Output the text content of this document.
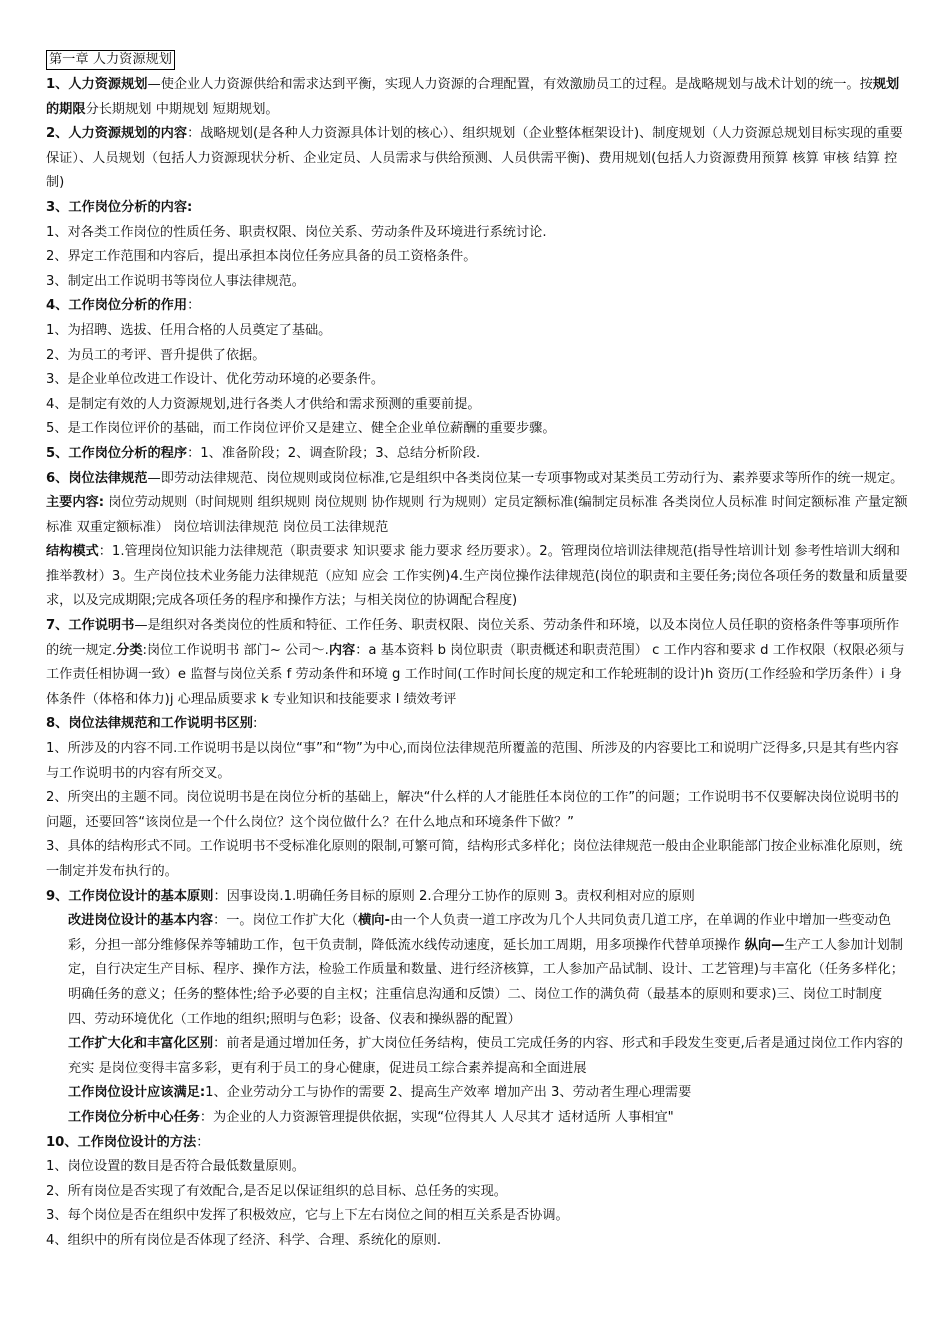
第一章 人力资源规划

1、人力资源规划—使企业人力资源供给和需求达到平衡，实现人力资源的合理配置，有效激励员工的过程。是战略规划与战术计划的统一。按规划的期限分长期规划 中期规划 短期规划。

2、人力资源规划的内容：战略规划(是各种人力资源具体计划的核心）、组织规划（企业整体框架设计)、制度规划（人力资源总规划目标实现的重要保证）、人员规划（包括人力资源现状分析、企业定员、人员需求与供给预测、人员供需平衡)、费用规划(包括人力资源费用预算 核算 审核 结算 控制)

3、工作岗位分析的内容:

1、对各类工作岗位的性质任务、职责权限、岗位关系、劳动条件及环境进行系统讨论.

2、界定工作范围和内容后，提出承担本岗位任务应具备的员工资格条件。

3、制定出工作说明书等岗位人事法律规范。

4、工作岗位分析的作用：

1、为招聘、选拔、任用合格的人员奠定了基础。

2、为员工的考评、晋升提供了依据。

3、是企业单位改进工作设计、优化劳动环境的必要条件。

4、是制定有效的人力资源规划,进行各类人才供给和需求预测的重要前提。

5、是工作岗位评价的基础，而工作岗位评价又是建立、健全企业单位薪酬的重要步骤。

5、工作岗位分析的程序：1、准备阶段；2、调查阶段；3、总结分析阶段.

6、岗位法律规范—即劳动法律规范、岗位规则或岗位标准,它是组织中各类岗位某一专项事物或对某类员工劳动行为、素养要求等所作的统一规定。主要内容: 岗位劳动规则（时间规则 组织规则 岗位规则 协作规则 行为规则）定员定额标准(编制定员标准 各类岗位人员标准 时间定额标准 产量定额标准 双重定额标准） 岗位培训法律规范 岗位员工法律规范

结构模式：1.管理岗位知识能力法律规范（职责要求 知识要求 能力要求 经历要求）。2。管理岗位培训法律规范(指导性培训计划 参考性培训大纲和推举教材）3。生产岗位技术业务能力法律规范（应知 应会 工作实例)4.生产岗位操作法律规范(岗位的职责和主要任务;岗位各项任务的数量和质量要求，以及完成期限;完成各项任务的程序和操作方法；与相关岗位的协调配合程度)

7、工作说明书—是组织对各类岗位的性质和特征、工作任务、职责权限、岗位关系、劳动条件和环境，以及本岗位人员任职的资格条件等事项所作的统一规定.分类:岗位工作说明书 部门~ 公司～.内容：a 基本资料 b 岗位职责（职责概述和职责范围） c 工作内容和要求 d 工作权限（权限必须与工作责任相协调一致）e 监督与岗位关系 f 劳动条件和环境 g 工作时间(工作时间长度的规定和工作轮班制的设计)h 资历(工作经验和学历条件）i 身体条件（体格和体力)j 心理品质要求 k 专业知识和技能要求 l 绩效考评

8、岗位法律规范和工作说明书区别:

1、所涉及的内容不同.工作说明书是以岗位“事”和“物”为中心,而岗位法律规范所覆盖的范围、所涉及的内容要比工和说明广泛得多,只是其有些内容与工作说明书的内容有所交叉。

2、所突出的主题不同。岗位说明书是在岗位分析的基础上，解决“什么样的人才能胜任本岗位的工作”的问题；工作说明书不仅要解决岗位说明书的问题，还要回答“该岗位是一个什么岗位？这个岗位做什么？在什么地点和环境条件下做？”

3、具体的结构形式不同。工作说明书不受标准化原则的限制,可繁可简，结构形式多样化；岗位法律规范一般由企业职能部门按企业标准化原则，统一制定并发布执行的。

9、工作岗位设计的基本原则：因事设岗.1.明确任务目标的原则 2.合理分工协作的原则 3。责权利相对应的原则

改进岗位设计的基本内容：一。岗位工作扩大化（横向-由一个人负责一道工序改为几个人共同负责几道工序，在单调的作业中增加一些变动色彩，分担一部分维修保养等辅助工作，包干负责制，降低流水线传动速度，延长加工周期，用多项操作代替单项操作 纵向—生产工人参加计划制定，自行决定生产目标、程序、操作方法，检验工作质量和数量、进行经济核算，工人参加产品试制、设计、工艺管理)与丰富化（任务多样化；明确任务的意义；任务的整体性;给予必要的自主权；注重信息沟通和反馈）二、岗位工作的满负荷（最基本的原则和要求)三、岗位工时制度 四、劳动环境优化（工作地的组织;照明与色彩；设备、仪表和操纵器的配置）

工作扩大化和丰富化区别：前者是通过增加任务，扩大岗位任务结构，使员工完成任务的内容、形式和手段发生变更,后者是通过岗位工作内容的充实 是岗位变得丰富多彩，更有利于员工的身心健康，促进员工综合素养提高和全面进展

工作岗位设计应该满足:1、企业劳动分工与协作的需要 2、提高生产效率 增加产出 3、劳动者生理心理需要

工作岗位分析中心任务：为企业的人力资源管理提供依据，实现“位得其人 人尽其才 适材适所 人事相宜"

10、工作岗位设计的方法：

1、岗位设置的数目是否符合最低数量原则。

2、所有岗位是否实现了有效配合,是否足以保证组织的总目标、总任务的实现。

3、每个岗位是否在组织中发挥了积极效应，它与上下左右岗位之间的相互关系是否协调。

4、组织中的所有岗位是否体现了经济、科学、合理、系统化的原则.
